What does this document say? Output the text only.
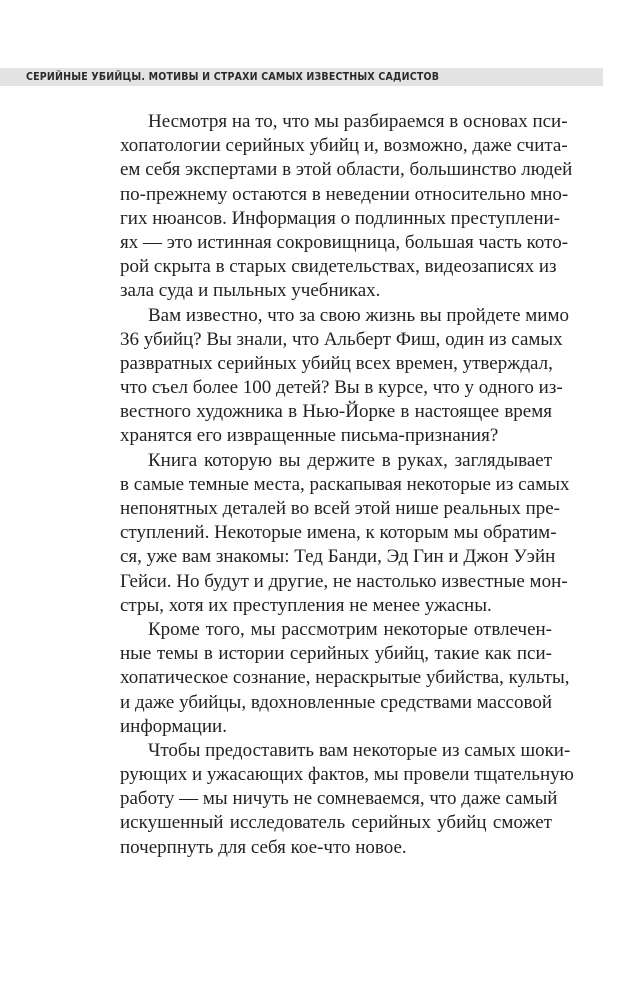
СЕРИЙНЫЕ УБИЙЦЫ. МОТИВЫ И СТРАХИ САМЫХ ИЗВЕСТНЫХ САДИСТОВ
Несмотря на то, что мы разбираемся в основах пси-
хопатологии серийных убийц и, возможно, даже счита-
ем себя экспертами в этой области, большинство людей
по-прежнему остаются в неведении относительно мно-
гих нюансов. Информация о подлинных преступлени-
ях — это истинная сокровищница, большая часть кото-
рой скрыта в старых свидетельствах, видеозаписях из
зала суда и пыльных учебниках.
Вам известно, что за свою жизнь вы пройдете мимо
36 убийц? Вы знали, что Альберт Фиш, один из самых
развратных серийных убийц всех времен, утверждал,
что съел более 100 детей? Вы в курсе, что у одного из-
вестного художника в Нью-Йорке в настоящее время
хранятся его извращенные письма-признания?
Книга которую вы держите в руках, заглядывает
в самые темные места, раскапывая некоторые из самых
непонятных деталей во всей этой нише реальных пре-
ступлений. Некоторые имена, к которым мы обратим-
ся, уже вам знакомы: Тед Банди, Эд Гин и Джон Уэйн
Гейси. Но будут и другие, не настолько известные мон-
стры, хотя их преступления не менее ужасны.
Кроме того, мы рассмотрим некоторые отвлечен-
ные темы в истории серийных убийц, такие как пси-
хопатическое сознание, нераскрытые убийства, культы,
и даже убийцы, вдохновленные средствами массовой
информации.
Чтобы предоставить вам некоторые из самых шоки-
рующих и ужасающих фактов, мы провели тщательную
работу — мы ничуть не сомневаемся, что даже самый
искушенный исследователь серийных убийц сможет
почерпнуть для себя кое-что новое.
